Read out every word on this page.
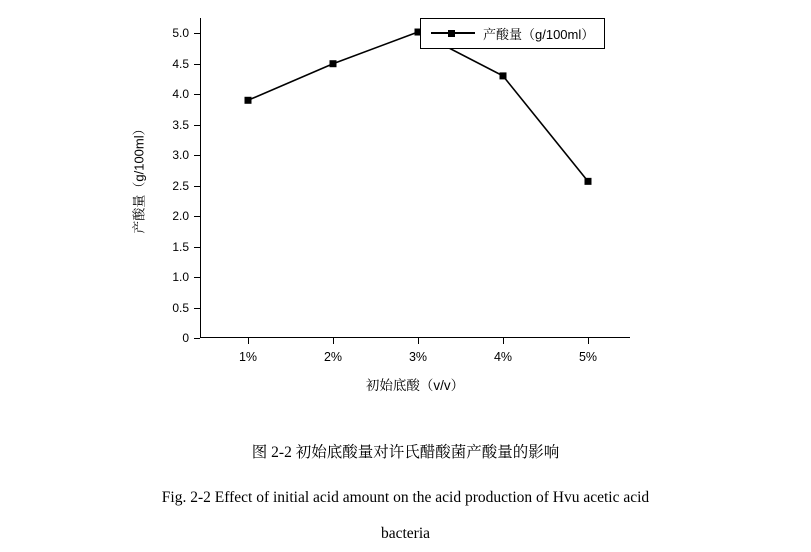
产酸量（g/100ml）
初始底酸（v/v）
0
0.5
1.0
1.5
2.0
2.5
3.0
3.5
4.0
4.5
5.0
1%	2%	3%	4%	5%
产酸量（g/100ml）
图 2-2 初始底酸量对许氏醋酸菌产酸量的影响
Fig. 2-2 Effect of initial acid amount on the acid production of Hvu acetic acid
bacteria
